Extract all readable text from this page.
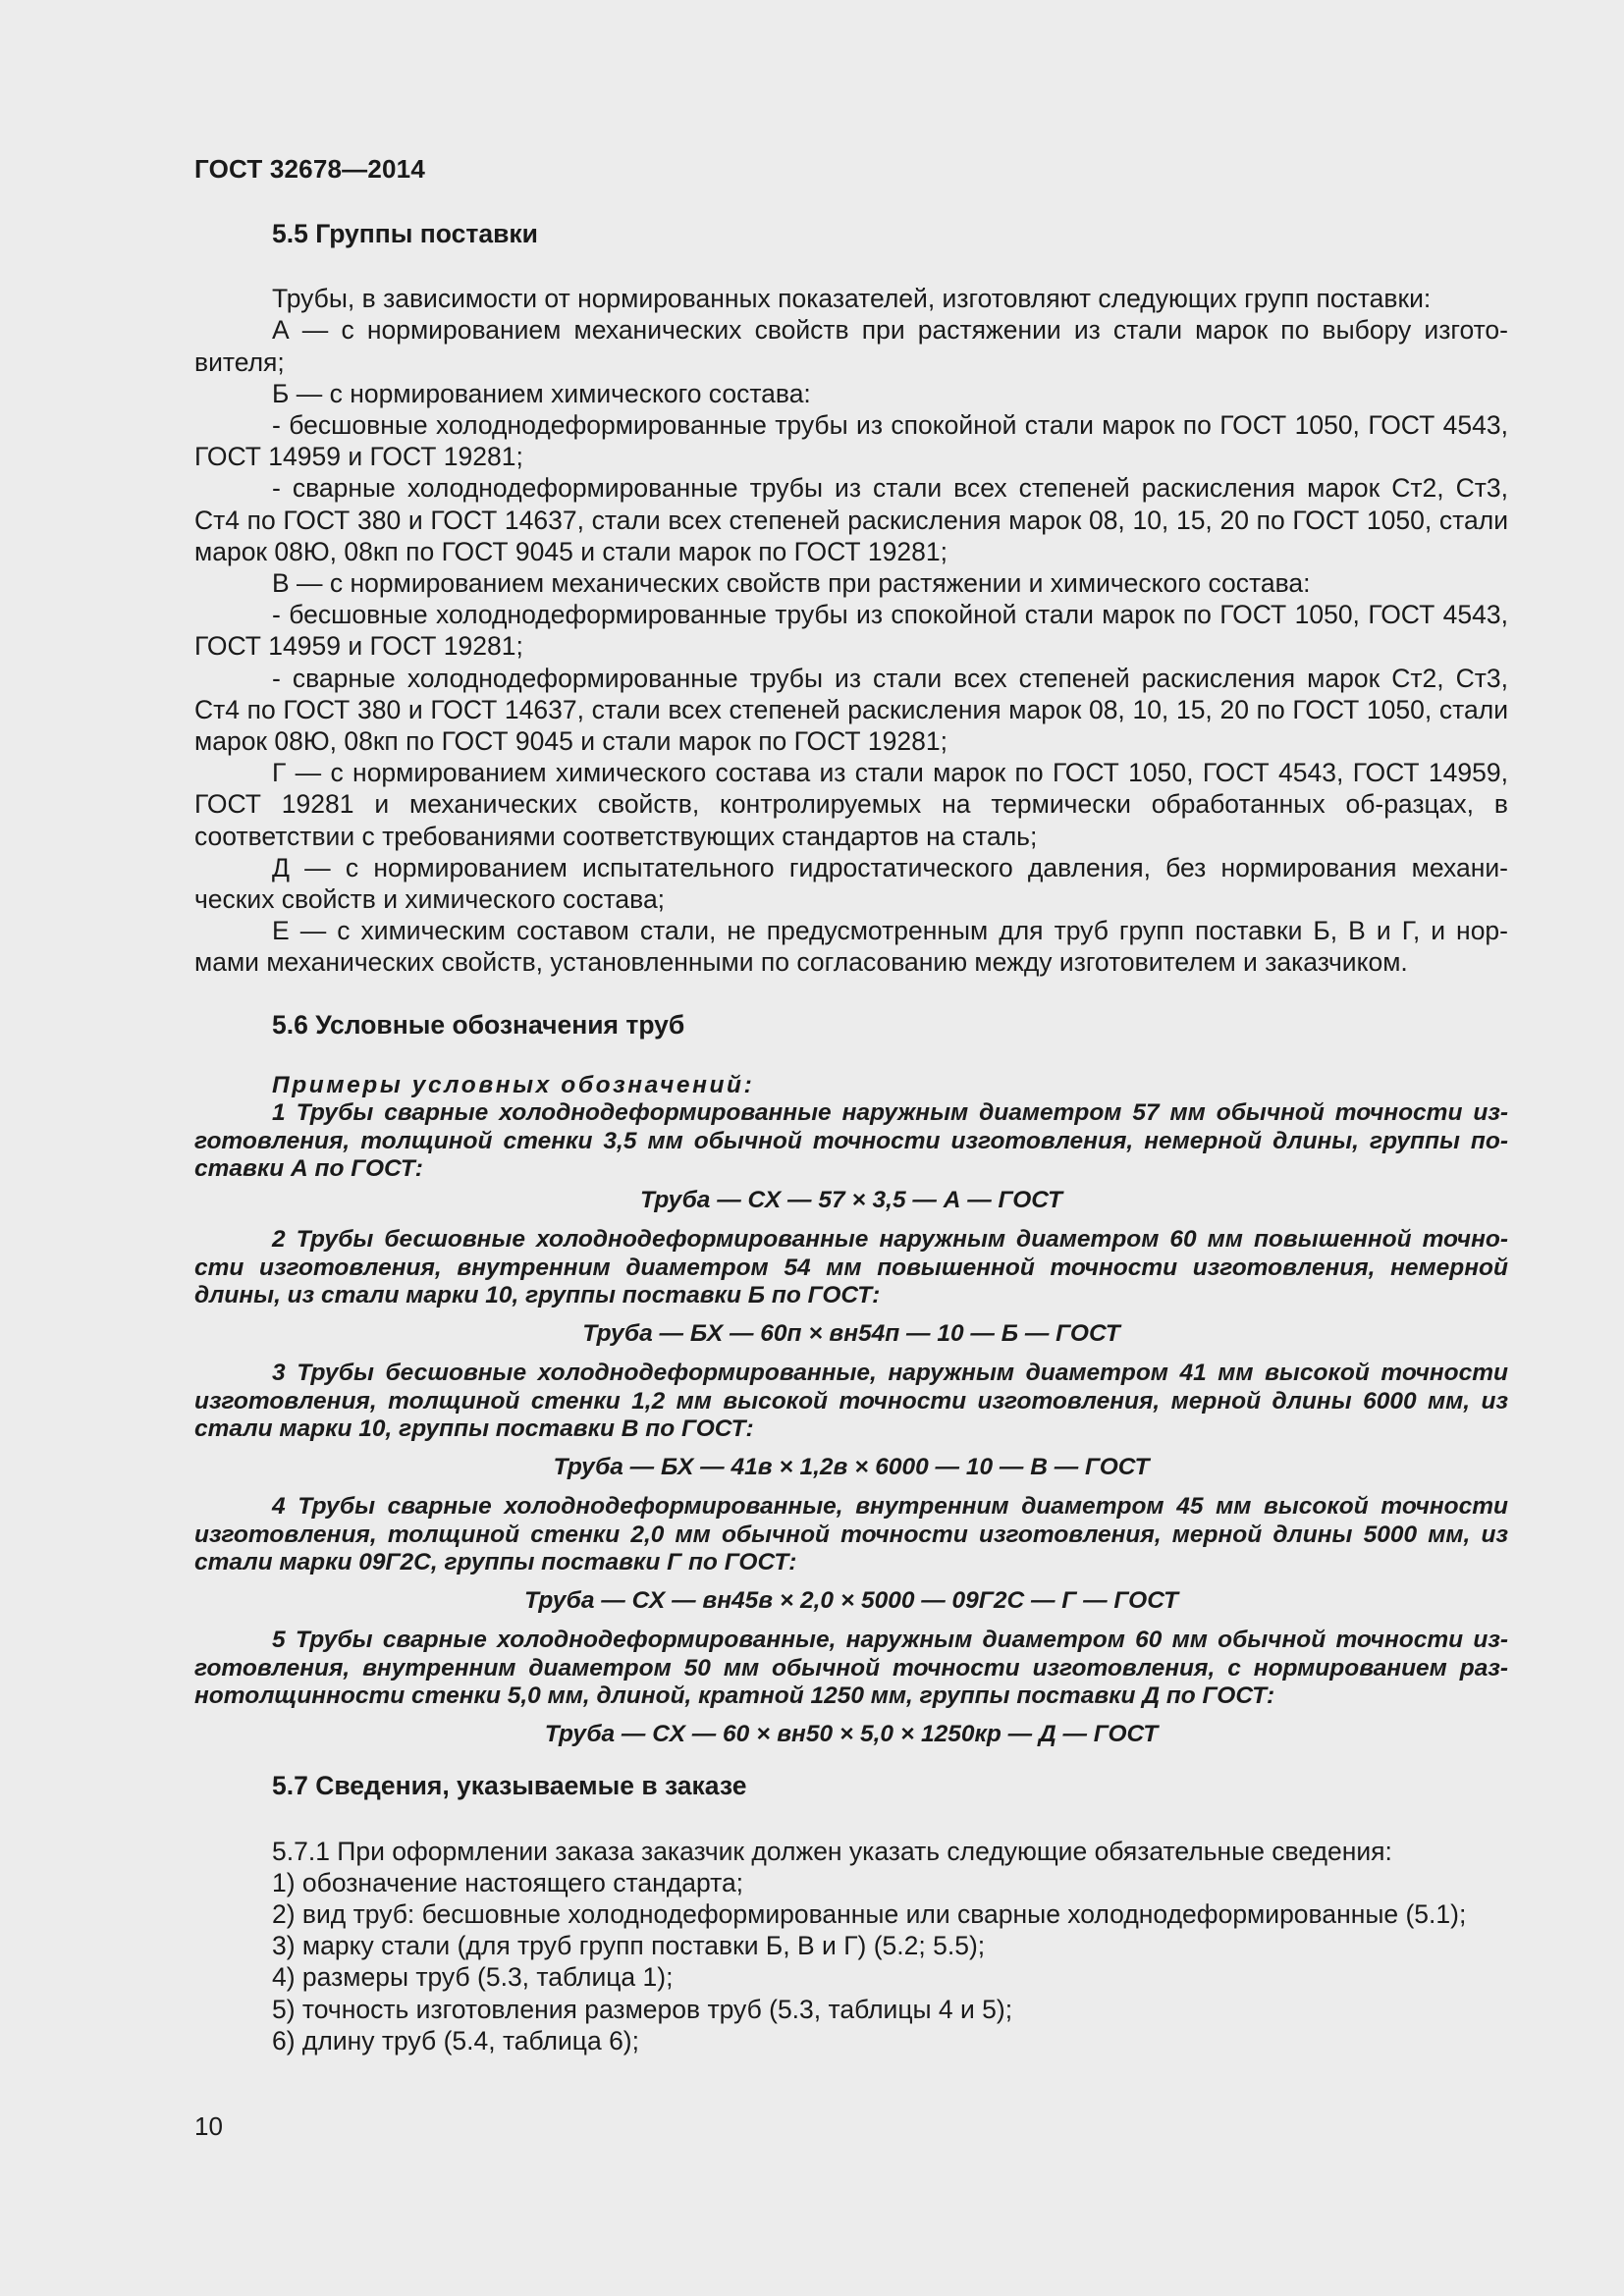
ГОСТ 32678—2014
5.5 Группы поставки

Трубы, в зависимости от нормированных показателей, изготовляют следующих групп поставки:

А — с нормированием механических свойств при растяжении из стали марок по выбору изгото-вителя;

Б — с нормированием химического состава:

- бесшовные холоднодеформированные трубы из спокойной стали марок по ГОСТ 1050, ГОСТ 4543, ГОСТ 14959 и ГОСТ 19281;

- сварные холоднодеформированные трубы из стали всех степеней раскисления марок Ст2, Ст3, Ст4 по ГОСТ 380 и ГОСТ 14637, стали всех степеней раскисления марок 08, 10, 15, 20 по ГОСТ 1050, стали марок 08Ю, 08кп по ГОСТ 9045 и стали марок по ГОСТ 19281;

В — с нормированием механических свойств при растяжении и химического состава:

- бесшовные холоднодеформированные трубы из спокойной стали марок по ГОСТ 1050, ГОСТ 4543, ГОСТ 14959 и ГОСТ 19281;

- сварные холоднодеформированные трубы из стали всех степеней раскисления марок Ст2, Ст3, Ст4 по ГОСТ 380 и ГОСТ 14637, стали всех степеней раскисления марок 08, 10, 15, 20 по ГОСТ 1050, стали марок 08Ю, 08кп по ГОСТ 9045 и стали марок по ГОСТ 19281;

Г — с нормированием химического состава из стали марок по ГОСТ 1050, ГОСТ 4543, ГОСТ 14959, ГОСТ 19281 и механических свойств, контролируемых на термически обработанных об-разцах, в соответствии с требованиями соответствующих стандартов на сталь;

Д — с нормированием испытательного гидростатического давления, без нормирования механи-ческих свойств и химического состава;

Е — с химическим составом стали, не предусмотренным для труб групп поставки Б, В и Г, и нор-мами механических свойств, установленными по согласованию между изготовителем и заказчиком.

5.6 Условные обозначения труб
Примеры условных обозначений:

1 Трубы сварные холоднодеформированные наружным диаметром 57 мм обычной точности из-готовления, толщиной стенки 3,5 мм обычной точности изготовления, немерной длины, группы по-ставки А по ГОСТ:

Труба — СХ — 57 × 3,5 — А — ГОСТ

2 Трубы бесшовные холоднодеформированные наружным диаметром 60 мм повышенной точно-сти изготовления, внутренним диаметром 54 мм повышенной точности изготовления, немерной длины, из стали марки 10, группы поставки Б по ГОСТ:

Труба — БХ — 60п × вн54п — 10 — Б — ГОСТ

3 Трубы бесшовные холоднодеформированные, наружным диаметром 41 мм высокой точности изготовления, толщиной стенки 1,2 мм высокой точности изготовления, мерной длины 6000 мм, из стали марки 10, группы поставки В по ГОСТ:

Труба — БХ — 41в × 1,2в × 6000 — 10 — В — ГОСТ

4 Трубы сварные холоднодеформированные, внутренним диаметром 45 мм высокой точности изготовления, толщиной стенки 2,0 мм обычной точности изготовления, мерной длины 5000 мм, из стали марки 09Г2С, группы поставки Г по ГОСТ:

Труба — СХ — вн45в × 2,0 × 5000 — 09Г2С — Г — ГОСТ

5 Трубы сварные холоднодеформированные, наружным диаметром 60 мм обычной точности из-готовления, внутренним диаметром 50 мм обычной точности изготовления, с нормированием раз-нотолщинности стенки 5,0 мм, длиной, кратной 1250 мм, группы поставки Д по ГОСТ:

Труба — СХ — 60 × вн50 × 5,0 × 1250кр — Д — ГОСТ
5.7 Сведения, указываемые в заказе

5.7.1 При оформлении заказа заказчик должен указать следующие обязательные сведения:

1) обозначение настоящего стандарта;

2) вид труб: бесшовные холоднодеформированные или сварные холоднодеформированные (5.1);

3) марку стали (для труб групп поставки Б, В и Г) (5.2; 5.5);

4) размеры труб (5.3, таблица 1);

5) точность изготовления размеров труб (5.3, таблицы 4 и 5);

6) длину труб (5.4, таблица 6);

10
